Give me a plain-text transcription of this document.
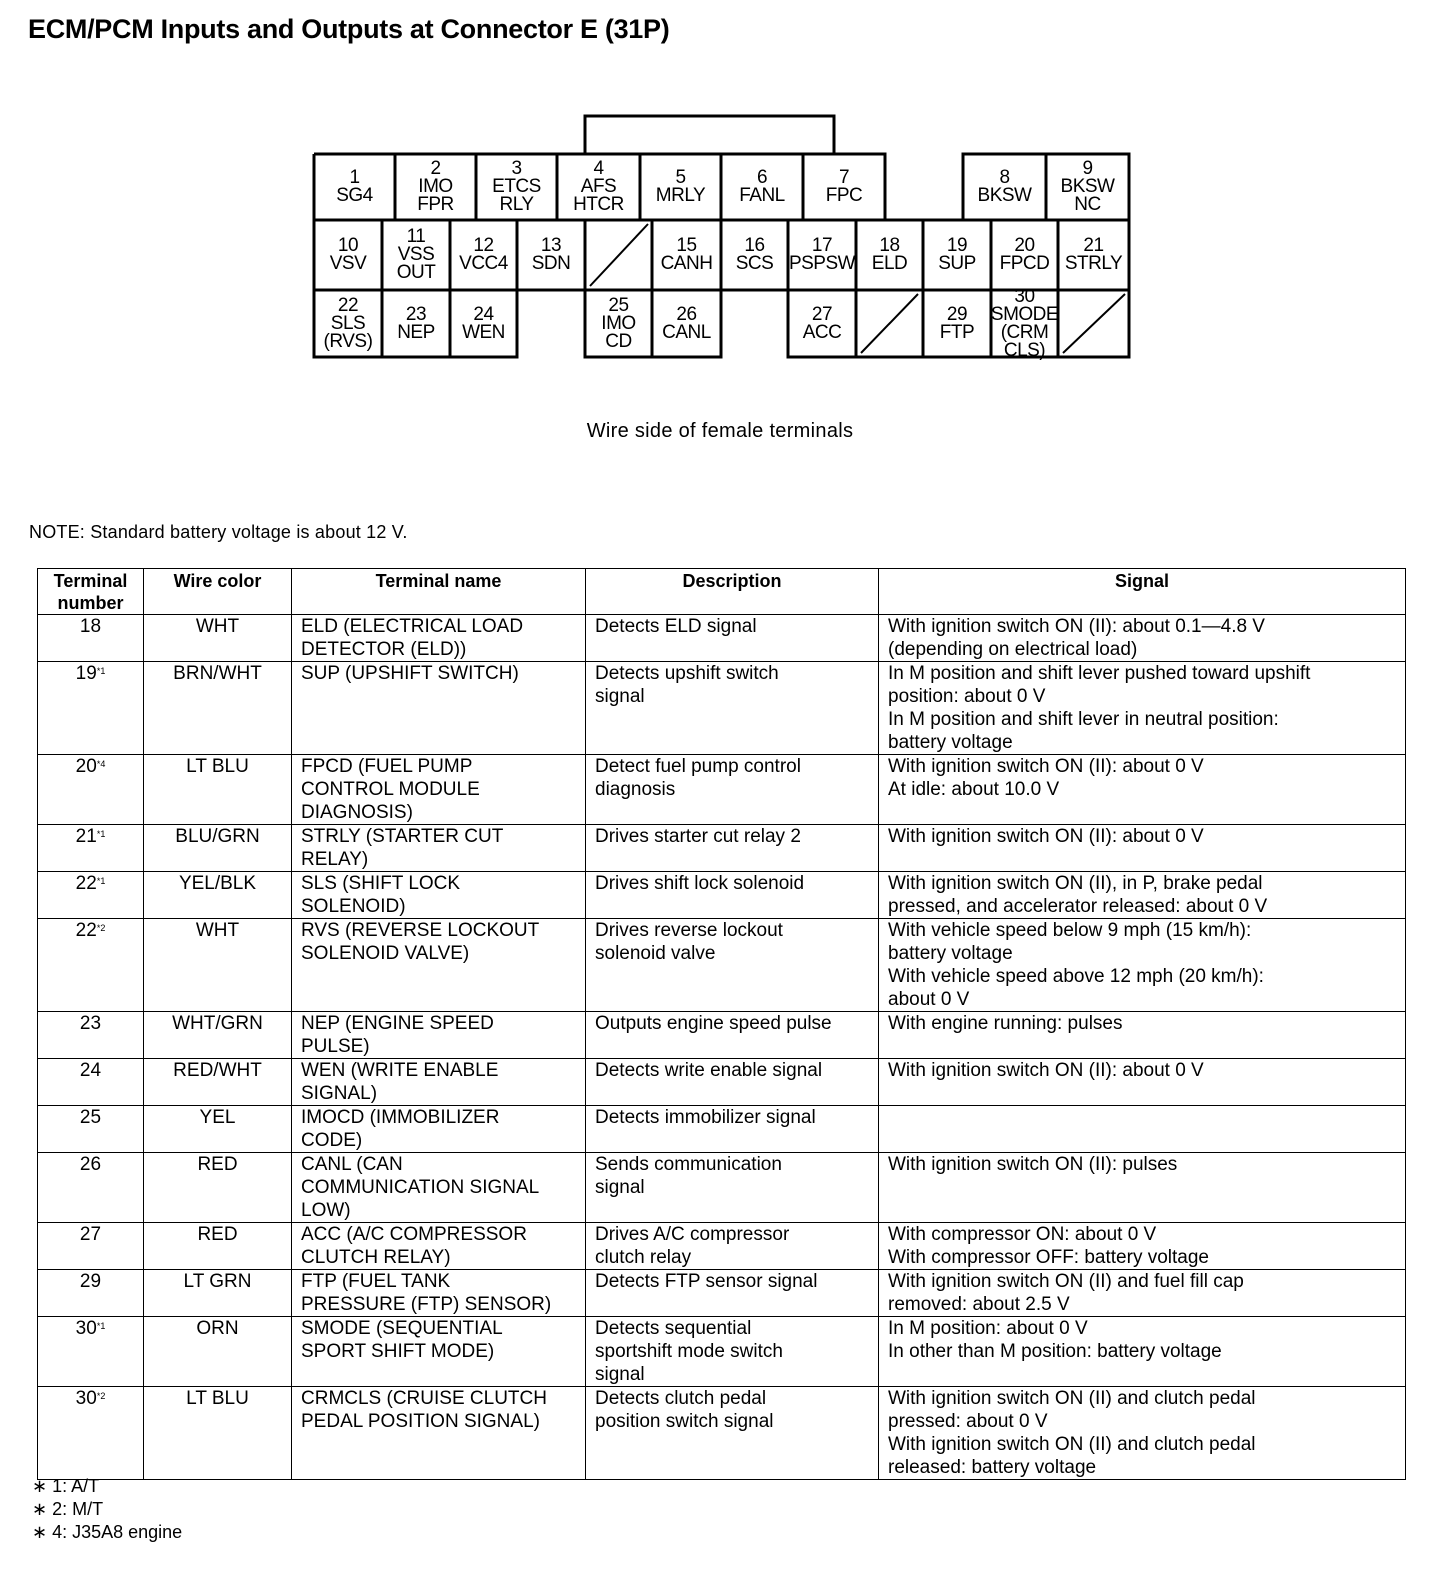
ECM/PCM Inputs and Outputs at Connector E (31P)
1
SG4
2
IMO
FPR
3
ETCS
RLY
4
AFS
HTCR
5
MRLY
6
FANL
7
FPC
8
BKSW
9
BKSW
NC
10
VSV
11
VSS
OUT
12
VCC4
13
SDN
15
CANH
16
SCS
17
PSPSW
18
ELD
19
SUP
20
FPCD
21
STRLY
22
SLS
(RVS)
23
NEP
24
WEN
25
IMO
CD
26
CANL
27
ACC
29
FTP
30
SMODE
(CRM
CLS)
Wire side of female terminals
NOTE: Standard battery voltage is about 12 V.
Terminal number	Wire color	Terminal name	Description	Signal
18	WHT	ELD (ELECTRICAL LOAD
DETECTOR (ELD))	Detects ELD signal	With ignition switch ON (II): about 0.1—4.8 V
(depending on electrical load)

19$^{*1}$	BRN/WHT	SUP (UPSHIFT SWITCH)	Detects upshift switch
signal	In M position and shift lever pushed toward upshift
position: about 0 V
In M position and shift lever in neutral position:
battery voltage

20$^{*4}$	LT BLU	FPCD (FUEL PUMP
CONTROL MODULE
DIAGNOSIS)	Detect fuel pump control
diagnosis	With ignition switch ON (II): about 0 V
At idle: about 10.0 V

21$^{*1}$	BLU/GRN	STRLY (STARTER CUT
RELAY)	Drives starter cut relay 2	With ignition switch ON (II): about 0 V

22$^{*1}$	YEL/BLK	SLS (SHIFT LOCK
SOLENOID)	Drives shift lock solenoid	With ignition switch ON (II), in P, brake pedal
pressed, and accelerator released: about 0 V

22$^{*2}$	WHT	RVS (REVERSE LOCKOUT
SOLENOID VALVE)	Drives reverse lockout
solenoid valve	With vehicle speed below 9 mph (15 km/h):
battery voltage
With vehicle speed above 12 mph (20 km/h):
about 0 V

23	WHT/GRN	NEP (ENGINE SPEED
PULSE)	Outputs engine speed pulse	With engine running: pulses

24	RED/WHT	WEN (WRITE ENABLE
SIGNAL)	Detects write enable signal	With ignition switch ON (II): about 0 V

25	YEL	IMOCD (IMMOBILIZER
CODE)	Detects immobilizer signal	

26	RED	CANL (CAN
COMMUNICATION SIGNAL
LOW)	Sends communication
signal	With ignition switch ON (II): pulses

27	RED	ACC (A/C COMPRESSOR
CLUTCH RELAY)	Drives A/C compressor
clutch relay	With compressor ON: about 0 V
With compressor OFF: battery voltage

29	LT GRN	FTP (FUEL TANK
PRESSURE (FTP) SENSOR)	Detects FTP sensor signal	With ignition switch ON (II) and fuel fill cap
removed: about 2.5 V

30$^{*1}$	ORN	SMODE (SEQUENTIAL
SPORT SHIFT MODE)	Detects sequential
sportshift mode switch
signal	In M position: about 0 V
In other than M position: battery voltage

30$^{*2}$	LT BLU	CRMCLS (CRUISE CLUTCH
PEDAL POSITION SIGNAL)	Detects clutch pedal
position switch signal	With ignition switch ON (II) and clutch pedal
pressed: about 0 V
With ignition switch ON (II) and clutch pedal
released: battery voltage
∗ 1: A/T
∗ 2: M/T
∗ 4: J35A8 engine
